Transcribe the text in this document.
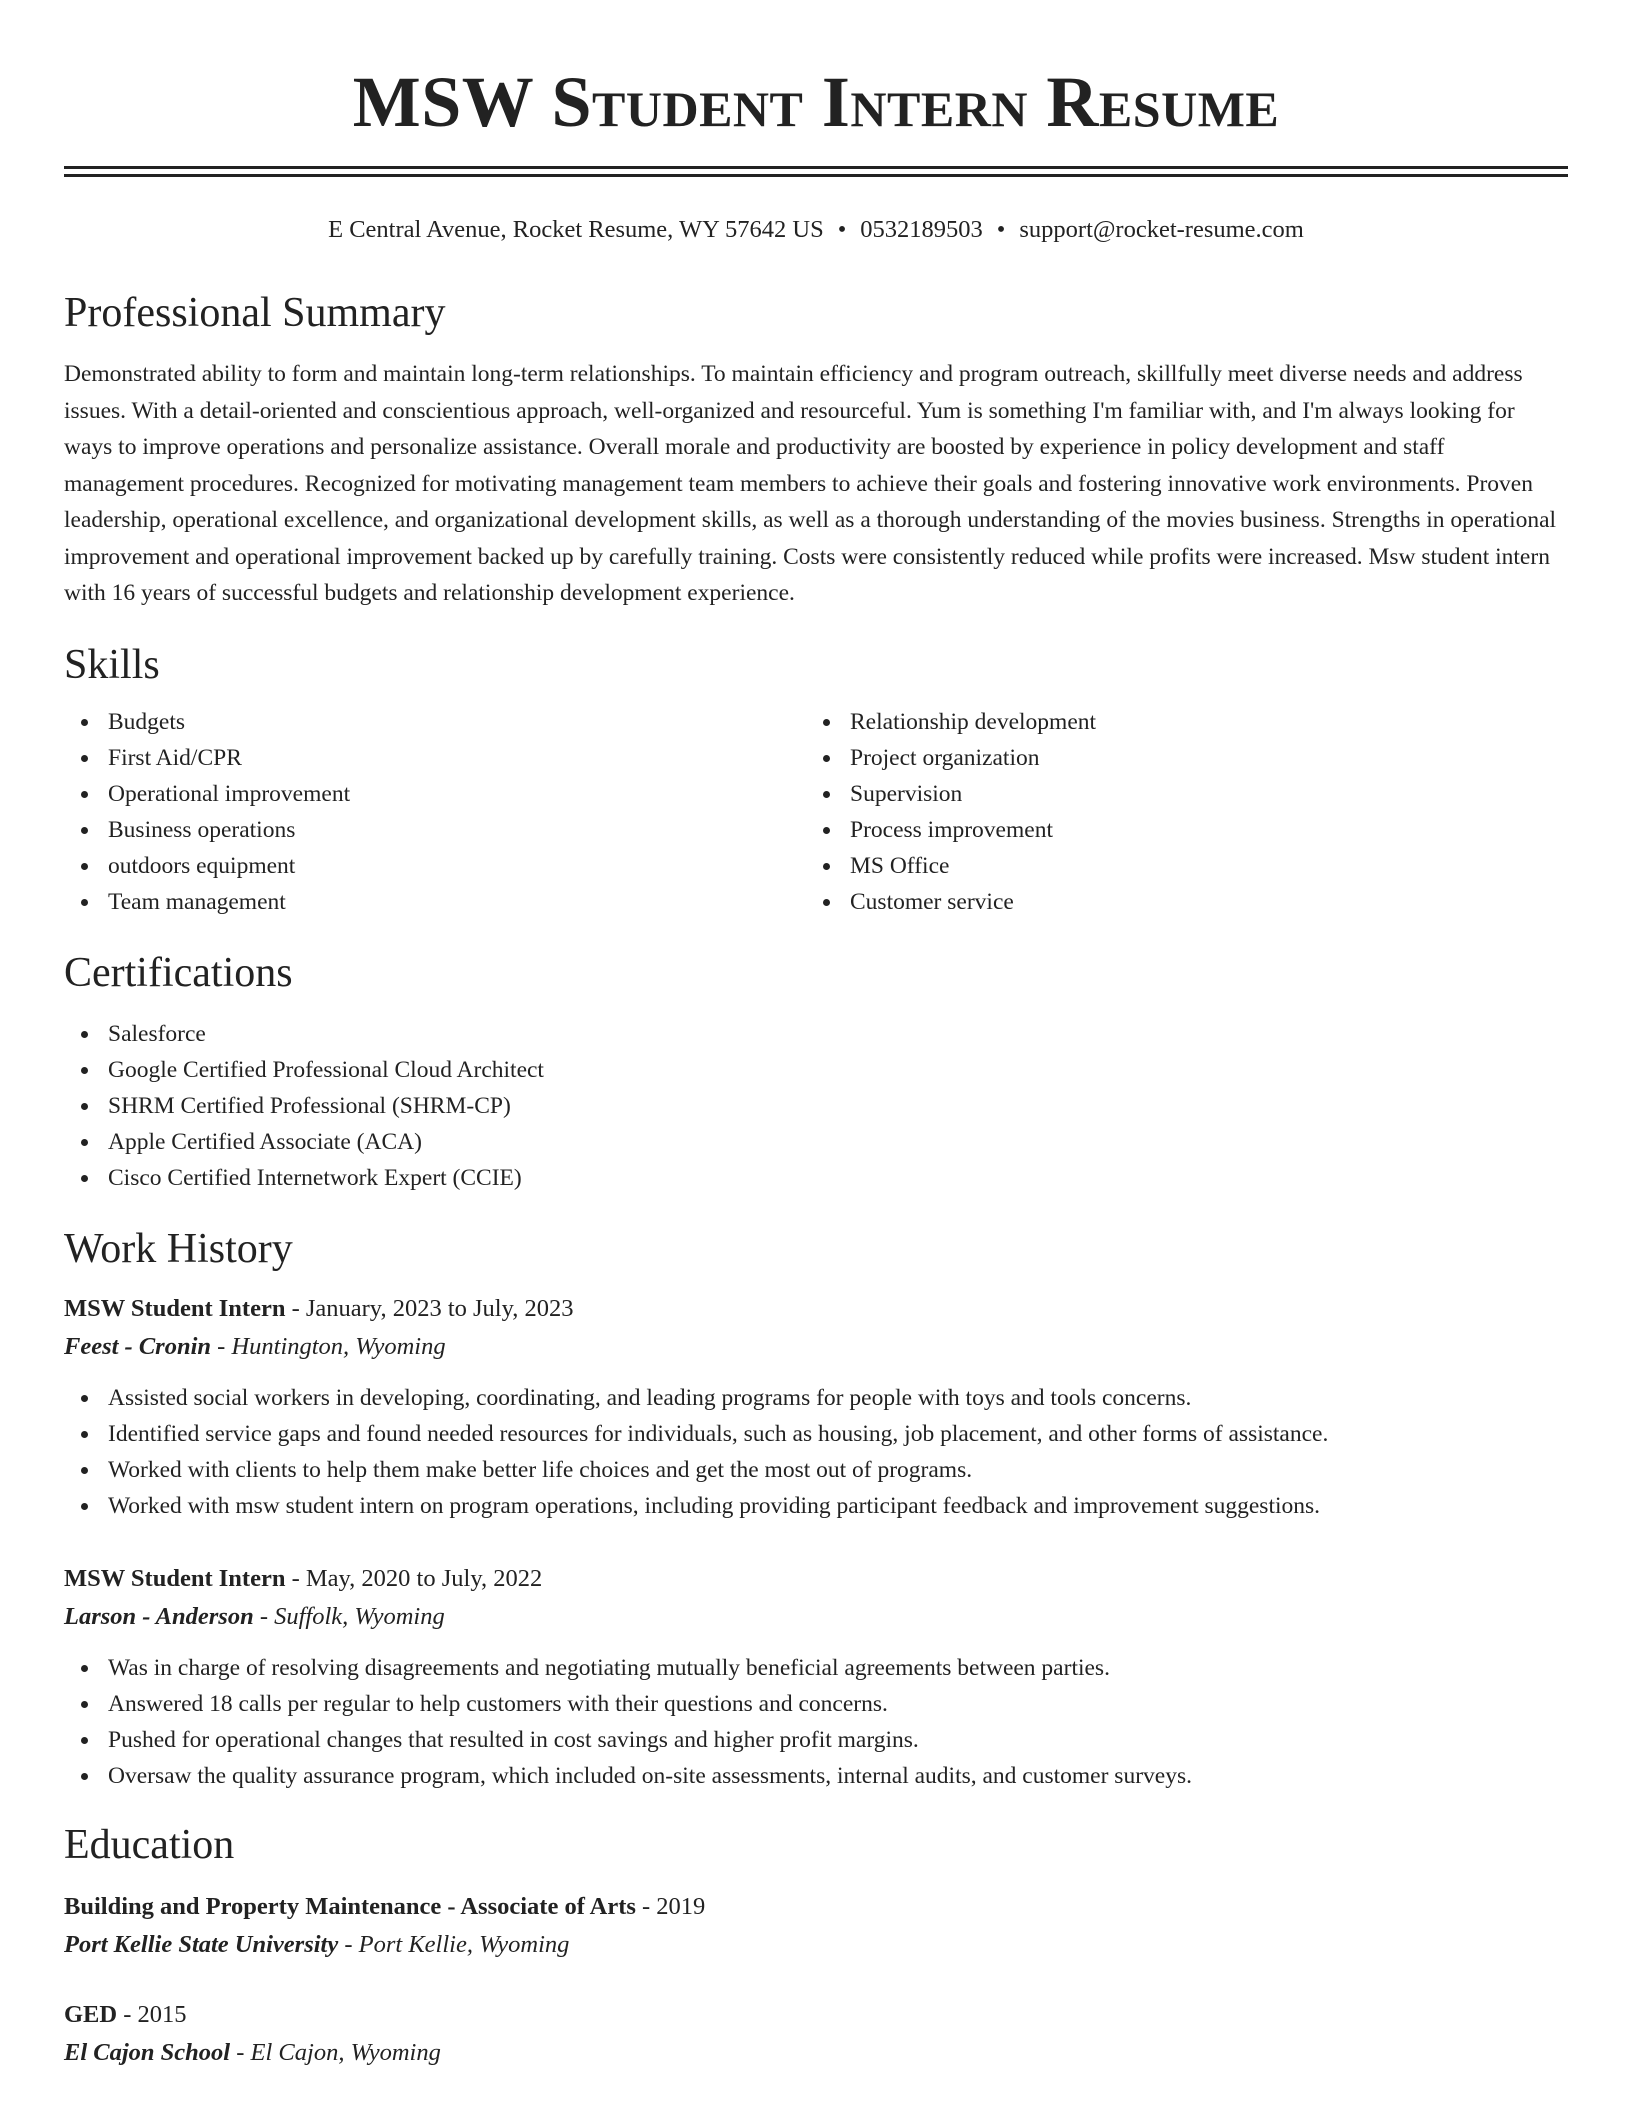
MSW Student Intern Resume
E Central Avenue, Rocket Resume, WY 57642 US • 0532189503 • support@rocket-resume.com
Professional Summary

Demonstrated ability to form and maintain long-term relationships. To maintain efficiency and program outreach, skillfully meet diverse needs and address issues. With a detail-oriented and conscientious approach, well-organized and resourceful. Yum is something I'm familiar with, and I'm always looking for ways to improve operations and personalize assistance. Overall morale and productivity are boosted by experience in policy development and staff management procedures. Recognized for motivating management team members to achieve their goals and fostering innovative work environments. Proven leadership, operational excellence, and organizational development skills, as well as a thorough understanding of the movies business. Strengths in operational improvement and operational improvement backed up by carefully training. Costs were consistently reduced while profits were increased. Msw student intern with 16 years of successful budgets and relationship development experience.

Skills
Budgets
First Aid/CPR
Operational improvement
Business operations
outdoors equipment
Team management
Relationship development
Project organization
Supervision
Process improvement
MS Office
Customer service
Certifications
Salesforce
Google Certified Professional Cloud Architect
SHRM Certified Professional (SHRM-CP)
Apple Certified Associate (ACA)
Cisco Certified Internetwork Expert (CCIE)
Work History
MSW Student Intern - January, 2023 to July, 2023
Feest - Cronin - Huntington, Wyoming
Assisted social workers in developing, coordinating, and leading programs for people with toys and tools concerns.
Identified service gaps and found needed resources for individuals, such as housing, job placement, and other forms of assistance.
Worked with clients to help them make better life choices and get the most out of programs.
Worked with msw student intern on program operations, including providing participant feedback and improvement suggestions.
MSW Student Intern - May, 2020 to July, 2022
Larson - Anderson - Suffolk, Wyoming
Was in charge of resolving disagreements and negotiating mutually beneficial agreements between parties.
Answered 18 calls per regular to help customers with their questions and concerns.
Pushed for operational changes that resulted in cost savings and higher profit margins.
Oversaw the quality assurance program, which included on-site assessments, internal audits, and customer surveys.
Education
Building and Property Maintenance - Associate of Arts - 2019
Port Kellie State University - Port Kellie, Wyoming
GED - 2015
El Cajon School - El Cajon, Wyoming
